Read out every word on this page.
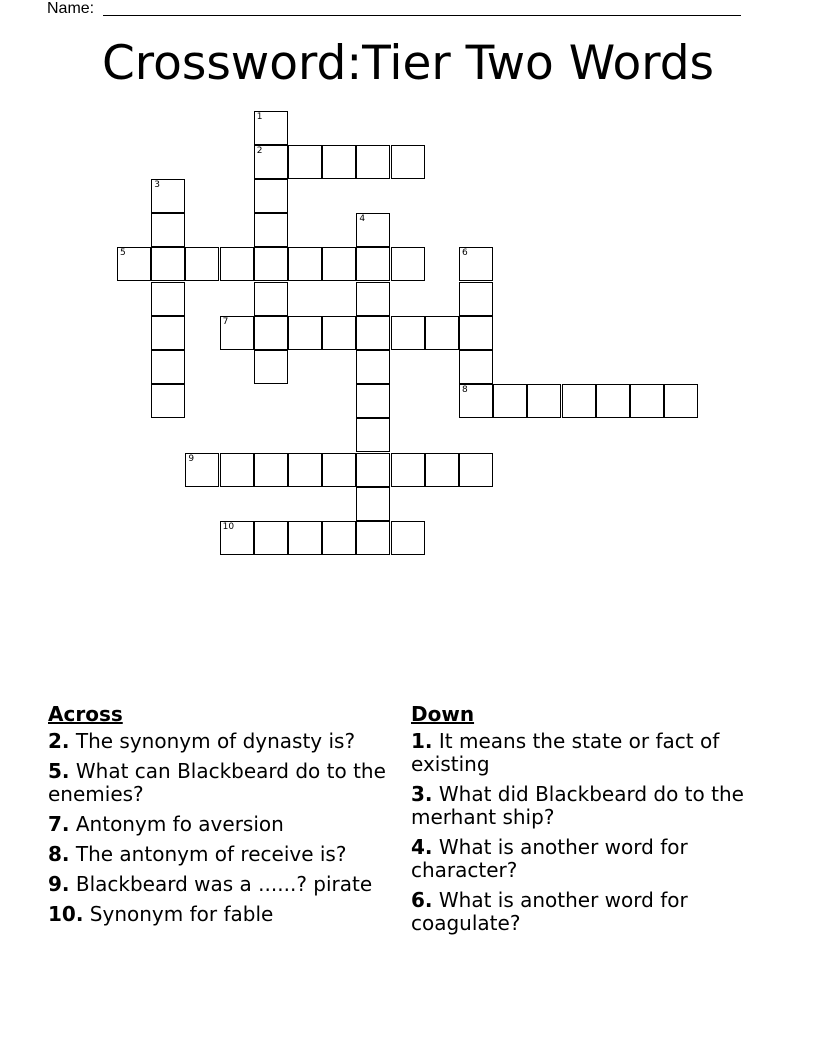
Name:
Crossword:Tier Two Words
1
2
3
4
5	6
7
8
9
10
Across
2. The synonym of dynasty is?
5. What can Blackbeard do to the enemies?
7. Antonym fo aversion
8. The antonym of receive is?
9. Blackbeard was a ......? pirate
10. Synonym for fable
Down
1. It means the state or fact of existing
3. What did Blackbeard do to the merhant ship?
4. What is another word for character?
6. What is another word for coagulate?
